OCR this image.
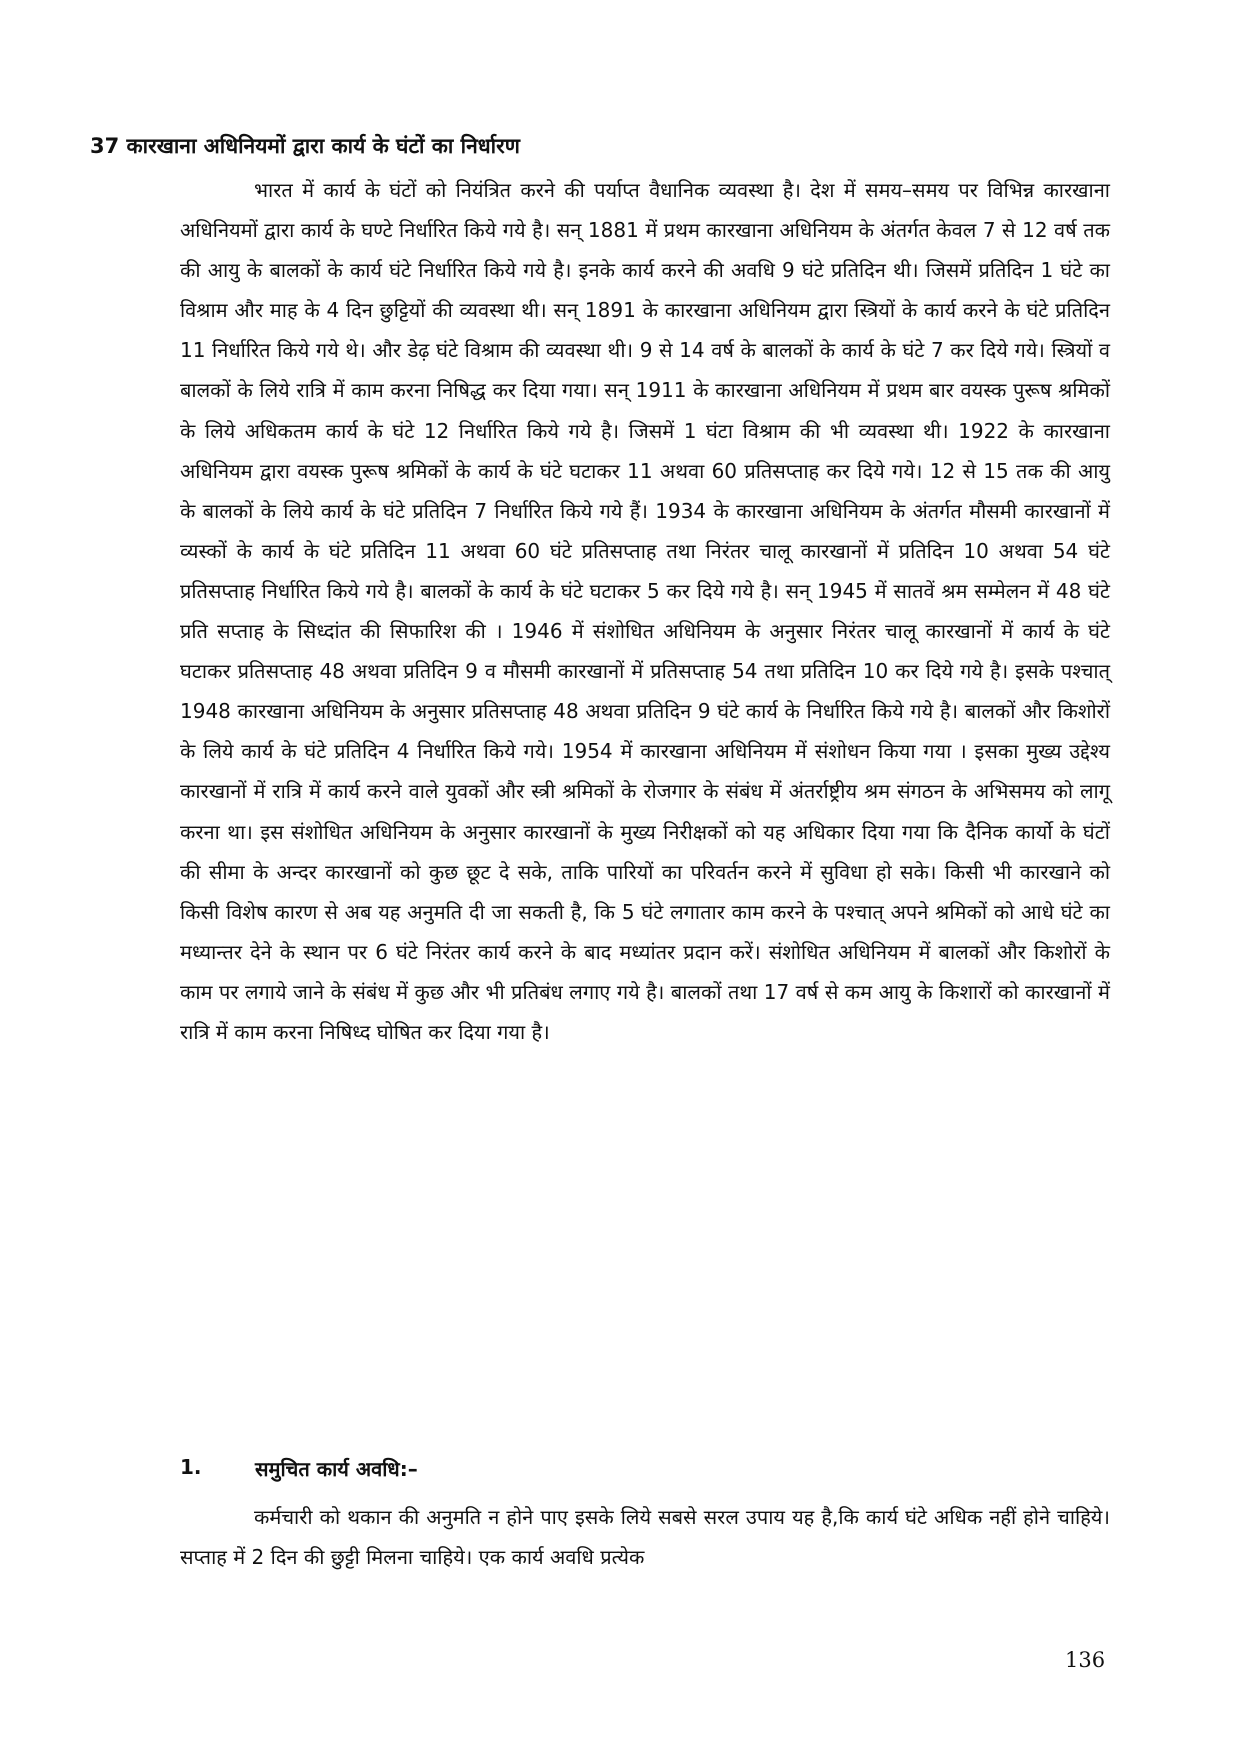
37 कारखाना अधिनियमों द्वारा कार्य के घंटों का निर्धारण

भारत में कार्य के घंटों को नियंत्रित करने की पर्याप्त वैधानिक व्यवस्था है। देश में समय–समय पर विभिन्न कारखाना अधिनियमों द्वारा कार्य के घण्टे निर्धारित किये गये है। सन् 1881 में प्रथम कारखाना अधिनियम के अंतर्गत केवल 7 से 12 वर्ष तक की आयु के बालकों के कार्य घंटे निर्धारित किये गये है। इनके कार्य करने की अवधि 9 घंटे प्रतिदिन थी। जिसमें प्रतिदिन 1 घंटे का विश्राम और माह के 4 दिन छुट्टियों की व्यवस्था थी। सन् 1891 के कारखाना अधिनियम द्वारा स्त्रियों के कार्य करने के घंटे प्रतिदिन 11 निर्धारित किये गये थे। और डेढ़ घंटे विश्राम की व्यवस्था थी। 9 से 14 वर्ष के बालकों के कार्य के घंटे 7 कर दिये गये। स्त्रियों व बालकों के लिये रात्रि में काम करना निषिद्ध कर दिया गया। सन् 1911 के कारखाना अधिनियम में प्रथम बार वयस्क पुरूष श्रमिकों के लिये अधिकतम कार्य के घंटे 12 निर्धारित किये गये है। जिसमें 1 घंटा विश्राम की भी व्यवस्था थी। 1922 के कारखाना अधिनियम द्वारा वयस्क पुरूष श्रमिकों के कार्य के घंटे घटाकर 11 अथवा 60 प्रतिसप्ताह कर दिये गये। 12 से 15 तक की आयु के बालकों के लिये कार्य के घंटे प्रतिदिन 7 निर्धारित किये गये हैं। 1934 के कारखाना अधिनियम के अंतर्गत मौसमी कारखानों में व्यस्कों के कार्य के घंटे प्रतिदिन 11 अथवा 60 घंटे प्रतिसप्ताह तथा निरंतर चालू कारखानों में प्रतिदिन 10 अथवा 54 घंटे प्रतिसप्ताह निर्धारित किये गये है। बालकों के कार्य के घंटे घटाकर 5 कर दिये गये है। सन् 1945 में सातवें श्रम सम्मेलन में 48 घंटे प्रति सप्ताह के सिध्दांत की सिफारिश की । 1946 में संशोधित अधिनियम के अनुसार निरंतर चालू कारखानों में कार्य के घंटे घटाकर प्रतिसप्ताह 48 अथवा प्रतिदिन 9 व मौसमी कारखानों में प्रतिसप्ताह 54 तथा प्रतिदिन 10 कर दिये गये है। इसके पश्चात् 1948 कारखाना अधिनियम के अनुसार प्रतिसप्ताह 48 अथवा प्रतिदिन 9 घंटे कार्य के निर्धारित किये गये है। बालकों और किशोरों के लिये कार्य के घंटे प्रतिदिन 4 निर्धारित किये गये। 1954 में कारखाना अधिनियम में संशोधन किया गया । इसका मुख्य उद्देश्य कारखानों में रात्रि में कार्य करने वाले युवकों और स्त्री श्रमिकों के रोजगार के संबंध में अंतर्राष्ट्रीय श्रम संगठन के अभिसमय को लागू करना था। इस संशोधित अधिनियम के अनुसार कारखानों के मुख्य निरीक्षकों को यह अधिकार दिया गया कि दैनिक कार्यो के घंटों की सीमा के अन्दर कारखानों को कुछ छूट दे सके, ताकि पारियों का परिवर्तन करने में सुविधा हो सके। किसी भी कारखाने को किसी विशेष कारण से अब यह अनुमति दी जा सकती है, कि 5 घंटे लगातार काम करने के पश्चात् अपने श्रमिकों को आधे घंटे का मध्यान्तर देने के स्थान पर 6 घंटे निरंतर कार्य करने के बाद मध्यांतर प्रदान करें। संशोधित अधिनियम में बालकों और किशोरों के काम पर लगाये जाने के संबंध में कुछ और भी प्रतिबंध लगाए गये है। बालकों तथा 17 वर्ष से कम आयु के किशारों को कारखानों में रात्रि में काम करना निषिध्द घोषित कर दिया गया है।

1.	समुचित कार्य अवधि:–

कर्मचारी को थकान की अनुमति न होने पाए इसके लिये सबसे सरल उपाय यह है,कि कार्य घंटे अधिक नहीं होने चाहिये। सप्ताह में 2 दिन की छुट्टी मिलना चाहिये। एक कार्य अवधि प्रत्येक

136
